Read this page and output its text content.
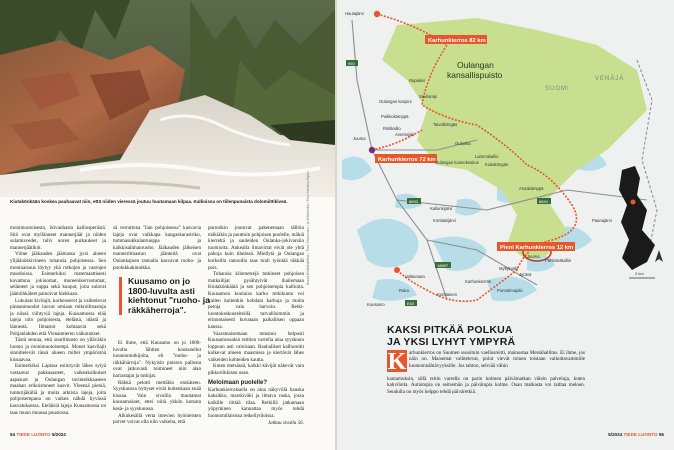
Kiutakönkään koskea pauhaavat niin, että niiden vieressä joutuu huutamaan kilpaa. Kallioissa on tiilenpunaista dolomiittikiveä.	Kuvat Metsähallitus / Timo Tamminen / ja Wikimedia / Timo Newton-Syms

monimuotoisesta, ikivanhasta kalliosperästä. Sitä ovat myllänneet mannerjäät ja niiden sulamisvedet, tuliv uoren purkaukset ja mannerjäätiköt.

Viime jääkauden jäämassa jyrsi alueen ylijäänöskivineen tuhansia pohjoisessa. Sen moninaisuus löytyy yhä rotkojen ja vaarojen muodoissa. Esimerkiksi matemaattisesti kuvattuna jokiuomat, moreenikerrostumat, selänteet ja suppa sekä kuopat, joita sulavat jäämöhkäleet painoivat hiekkaan.

Lukuisat kivilajit, korkeuserot ja vaihtelevat pinnanmuodot luovat omiaan mikroilmastoja ja niissä viihtyviä lajeja. Kuusamossa elää lajeja niin pohjoisesta, etelästä, idästä ja lännestä. Ilmastot kohtaavat sekä Pohjanlahden että Vienanmeren vaikutukset.

Tästä seuraa, että suurilmasto on ylläväkin luonto ja monimuotoisempi. Monet kasvilajit sinnittelevät tässä alueen miltei ympäristöä kiusaavaa.

Esimerkiksi Lapissa esiintyvät lähes sylyä vastaavat pakkasasteet, vaikeakulkuiset aapasuot ja Oulangan ravinteikkaaseen maahan erikoistuneet kasvit. Yleensä pieniä, tunturijäkäliä ja muita arktisia lajeja, joita pohjoisempana on vaikea nähdä hyvässä kasvatuksessa. Eteläisiä lajeja Kuusamossa on taas muun muassa puustossa.

sä verrattuna "lian pohjoisessa" kasvavia lajeja ovat vaikkapa kangaskarasiriko, tummasukkulanruoppa ja kalkkisalimanruoho. Jääkauden jälkeisen mannerilmaston jäänteitä ovat Oulankajoen rannalla kasvavat ruoho- ja puolukkakinnikka.

Kuusamo on jo 1800-luvulta asti kiehtonut "ruoho- ja räkkäherroja".

Ei ihme, että Kuusamo on jo 1800-luvulta lähtien houkutellut luonnontutkijoita, eli "ruoho- ja räkkähärroja". Nykyisin puiston pallosta ovat jatkuvasti toimineet niin alan harrastajat ja tutkijat.

Räkkä pelotti mettäkin etukäteen. Syyskuussa hyttyset eivät kuitenkaan enää kiusaa. Vain sivuilla muutamat kuusamokset, ettei niitä ykkön kutsuta kesä- ja syyskuussa.

Alkukesällä verta imevien hyönteisten parvet voivat olla niin vaikeita, että

puronikin joutuvat pakenemaan tällöin mäkiäkin ja puuttoin pohjoisen puolelle, mäkiä kierreltä ja sauleiden Oulanka-jokivarsiin tuomioita. Aukealla ilmavirrat eivät ole yhtä pahoja kuin tiheässä. Miellytä ja Oulangan korkeilla rannoilla taas tuuli työntää räkkää pois.

Tuhansia kilometrejä tutkineet pohjoisen matkailijat pysähtyivät ihailemaan Kiutakönkäätä ja sen pohjoisempia kallioita. Kuusamon kuuluisa karhu retkikunta voi kuiten kuitenkin kohdata karhuja ja muita petoja vain harvoin. Retki- luontokeskusreiteillä turvallisimmin ja erinomaisesti kuvataan paikallisen oppaan kanssa.

Vaaramaisemaan tutustuu helposti Kuusamossakin reittien varrella aina syyskuun loppuun asti valoisaan. Rauhalliset kallioreitit kulkevat alueen maastossa ja kiertävät lähes vaikeiden kohteiden kautta.

Kuten metsässä, kaikki kävijät näkevät vain pikkuriikkisen osan.

Meloimaan puolelle?

Karhunkierroksella on aina näkyvillä hauska kaksikko, marskiväki ja ilmava ruska, jossa kaikille riittää tilaa. Retkillä jatkamaan yöpyminen kannattaa myös tehdä luonnontilaisissa retkeilytiloissa.

Jatkuu sivulla 56.

54 TIEDE LUONTO 5/2024
Karhunkierros 82 km
Karhunkierros 72 km
Pieni Karhunkierros 12 km
Oulangan
kansallispuisto
SUOMI
VENÄJÄ
Hautajärvi
Rupakivi
Savilampi
Oulangan kanjoni
Taivalköngäs
Puikkokämppä
Ristikallio
Juuma
Aventojoki
Oulanka
Oulangan luontokeskus
Lammakallio
Kiutaköngäs
Ansakämppä
Kallunkijärvi
Konttaisjärvi
Juuma
Myllykoski
Jyrävä
Pähkänäkallio
Ruka
Valtavaara
Porontimajoki
Konttainen
Kuusamo
Paanajärvi
Karhunkierros
950
8693
18697
E63
8694
2 km
KAKSI PITKÄÄ POLKUA
JA YKSI LYHYT YMPYRÄ
K arhunkierros on Suomen suosituin vaellusreitti, mainostaa Metsähallitus. Ei ihme, jos näin on. Maisemat vaihtelevat, polut vievät toinen toistaan vaikuttavammille luonnonnähtävyyksille. Jos tahtoo, selviää vähin
kantamuksin, sillä reitin varrella on parin kolmen päivämatkan välein palveluja, kuten kahviloita. Autiotupia on seitsemän ja päivätupia kolme. Osan matkasta voi taittaa meloen. Seudulla on myös helppo tehdä päiväretkiä.
5/2024 TIEDE LUONTO 55
